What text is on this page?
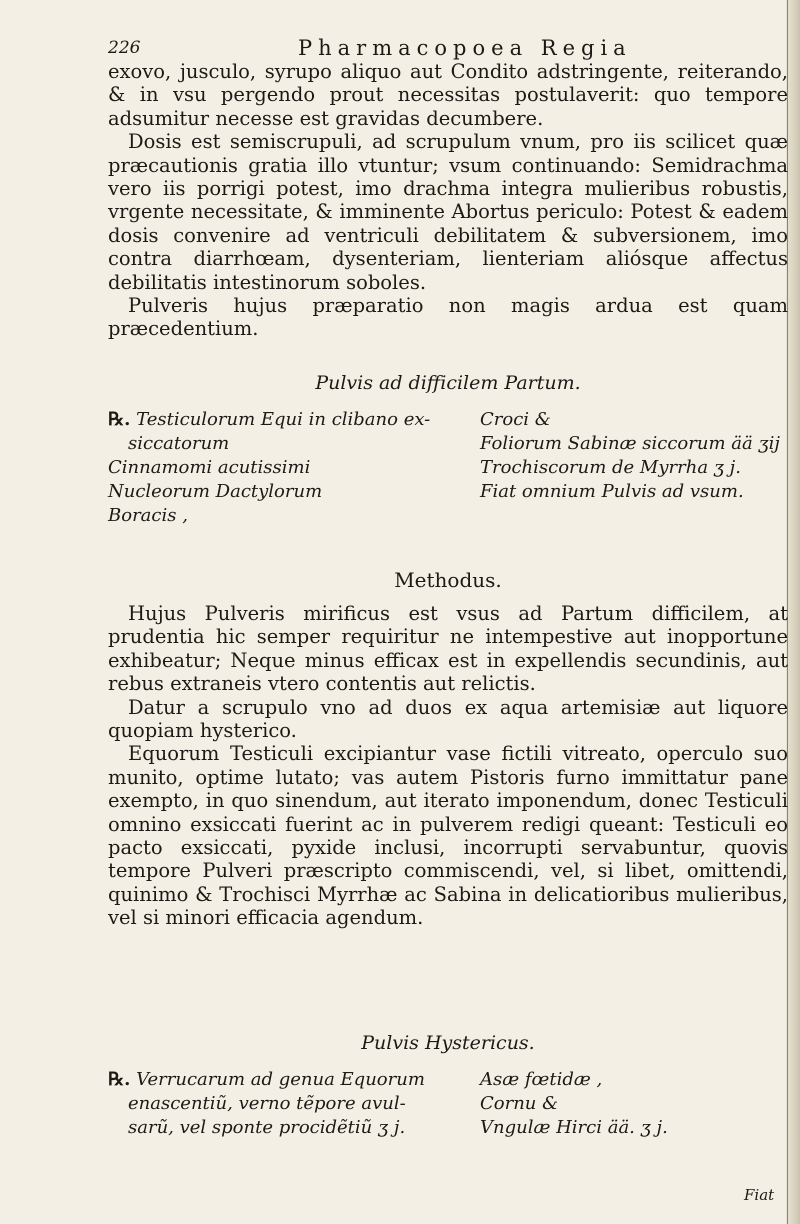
226	Pharmacopoea Regia

exovo, jusculo, syrupo aliquo aut Condito adstringente, reiterando, & in vsu pergendo prout necessitas postulaverit: quo tempore adsumitur necesse est gravidas decumbere.

Dosis est semiscrupuli, ad scrupulum vnum, pro iis scilicet quæ præcautionis gratia illo vtuntur; vsum continuando: Semidrachma vero iis porrigi potest, imo drachma integra mulieribus robustis, vrgente necessitate, & imminente Abortus periculo: Potest & eadem dosis convenire ad ventriculi debilitatem & subversionem, imo contra diarrhœam, dysenteriam, lienteriam aliósque affectus debilitatis intestinorum soboles.

Pulveris hujus præparatio non magis ardua est quam præcedentium.

Pulvis ad difficilem Partum.
℞. Testiculorum Equi in clibano ex-
siccatorum
Cinnamomi acutissimi
Nucleorum Dactylorum
Boracis ,
Croci &
Foliorum Sabinæ siccorum ää ʒij
Trochiscorum de Myrrha ʒ j.
Fiat omnium Pulvis ad vsum.
Methodus.

Hujus Pulveris mirificus est vsus ad Partum difficilem, at prudentia hic semper requiritur ne intempestive aut inopportune exhibeatur; Neque minus efficax est in expellendis secundinis, aut rebus extraneis vtero contentis aut relictis.

Datur a scrupulo vno ad duos ex aqua artemisiæ aut liquore quopiam hysterico.

Equorum Testiculi excipiantur vase fictili vitreato, operculo suo munito, optime lutato; vas autem Pistoris furno immittatur pane exempto, in quo sinendum, aut iterato imponendum, donec Testiculi omnino exsiccati fuerint ac in pulverem redigi queant: Testiculi eo pacto exsiccati, pyxide inclusi, incorrupti servabuntur, quovis tempore Pulveri præscripto commiscendi, vel, si libet, omittendi, quinimo & Trochisci Myrrhæ ac Sabina in delicatioribus mulieribus, vel si minori efficacia agendum.

Pulvis Hystericus.
℞. Verrucarum ad genua Equorum
enascentiũ, verno tẽpore avul-
sarũ, vel sponte procidẽtiũ ʒ j.
Asæ fœtidæ ,
Cornu &
Vngulæ Hirci ää. ʒ j.
Fiat
